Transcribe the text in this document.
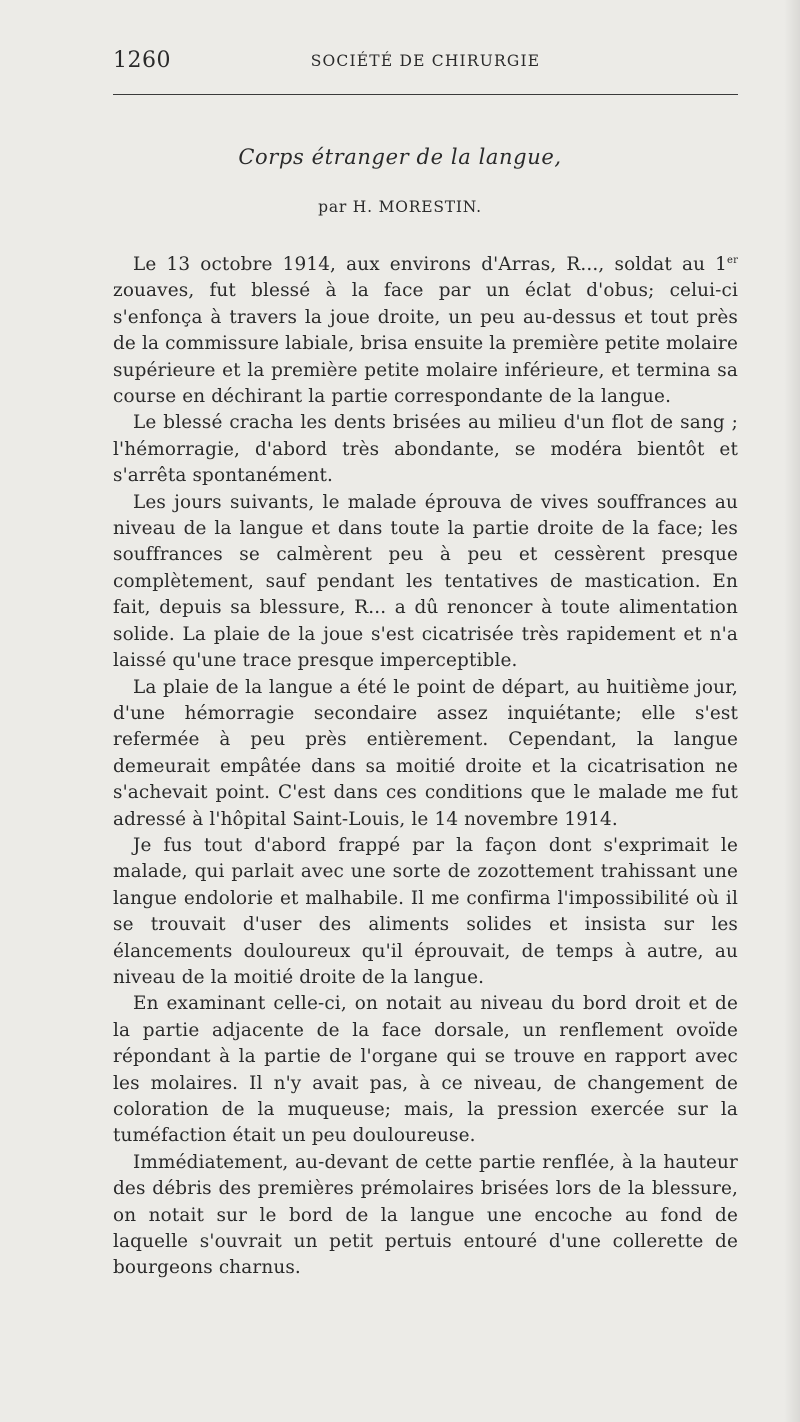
1260	SOCIÉTÉ DE CHIRURGIE
Corps étranger de la langue,
par H. MORESTIN.

Le 13 octobre 1914, aux environs d'Arras, R..., soldat au 1er zouaves, fut blessé à la face par un éclat d'obus; celui-ci s'enfonça à travers la joue droite, un peu au-dessus et tout près de la commissure labiale, brisa ensuite la première petite molaire supérieure et la première petite molaire inférieure, et termina sa course en déchirant la partie correspondante de la langue.

Le blessé cracha les dents brisées au milieu d'un flot de sang ; l'hémorragie, d'abord très abondante, se modéra bientôt et s'arrêta spontanément.

Les jours suivants, le malade éprouva de vives souffrances au niveau de la langue et dans toute la partie droite de la face; les souffrances se calmèrent peu à peu et cessèrent presque complètement, sauf pendant les tentatives de mastication. En fait, depuis sa blessure, R... a dû renoncer à toute alimentation solide. La plaie de la joue s'est cicatrisée très rapidement et n'a laissé qu'une trace presque imperceptible.

La plaie de la langue a été le point de départ, au huitième jour, d'une hémorragie secondaire assez inquiétante; elle s'est refermée à peu près entièrement. Cependant, la langue demeurait empâtée dans sa moitié droite et la cicatrisation ne s'achevait point. C'est dans ces conditions que le malade me fut adressé à l'hôpital Saint-Louis, le 14 novembre 1914.

Je fus tout d'abord frappé par la façon dont s'exprimait le malade, qui parlait avec une sorte de zozottement trahissant une langue endolorie et malhabile. Il me confirma l'impossibilité où il se trouvait d'user des aliments solides et insista sur les élancements douloureux qu'il éprouvait, de temps à autre, au niveau de la moitié droite de la langue.

En examinant celle-ci, on notait au niveau du bord droit et de la partie adjacente de la face dorsale, un renflement ovoïde répondant à la partie de l'organe qui se trouve en rapport avec les molaires. Il n'y avait pas, à ce niveau, de changement de coloration de la muqueuse; mais, la pression exercée sur la tuméfaction était un peu douloureuse.

Immédiatement, au-devant de cette partie renflée, à la hauteur des débris des premières prémolaires brisées lors de la blessure, on notait sur le bord de la langue une encoche au fond de laquelle s'ouvrait un petit pertuis entouré d'une collerette de bourgeons charnus.
